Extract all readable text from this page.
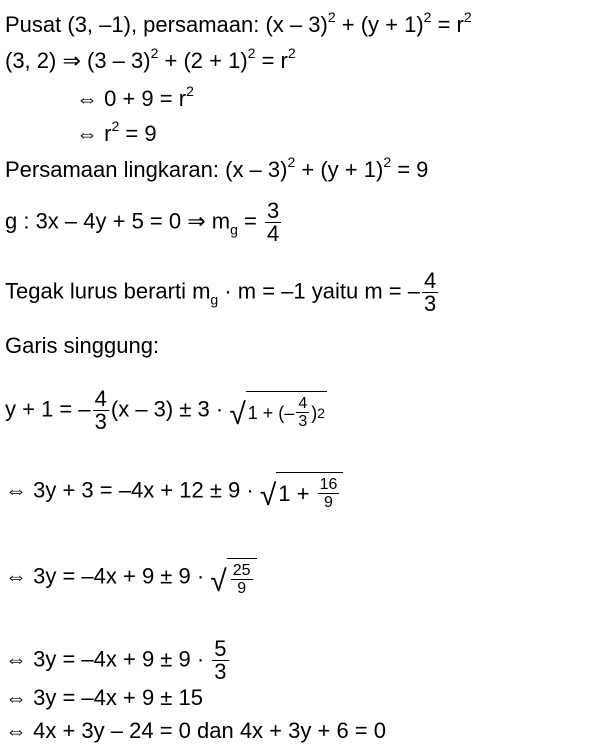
Pusat (3, –1), persamaan: $(x - 3)^2 + (y + 1)^2 = r^2$
(3, 2) ⇒ $(3 - 3)^2 + (2 + 1)^2 = r^2$
⇔ $0 + 9 = r^2$
⇔ $r^2 = 9$
Persamaan lingkaran: $(x - 3)^2 + (y + 1)^2 = 9$
g : 3x – 4y + 5 = 0 ⇒ $m_g = \frac{3}{4}$
Tegak lurus berarti $m_g \cdot m = -1$ yaitu m = – $\frac{4}{3}$
Garis singgung:
y + 1 = – $\frac{4}{3} (x - 3) \pm 3$ · √ 1 + (– $\frac{4}{3}$ ) 2
⇔ 3y + 3 = –4x + 12 ± 9 · √ $1 + \frac{16}{9}$
⇔ 3y = –4x + 9 ± 9 · √ $\frac{25}{9}$
⇔ $3y = -4x + 9 \pm 9 \cdot \frac{5}{3}$
⇔ 3y = –4x + 9 ± 15
⇔ 4x + 3y – 24 = 0 dan 4x + 3y + 6 = 0
